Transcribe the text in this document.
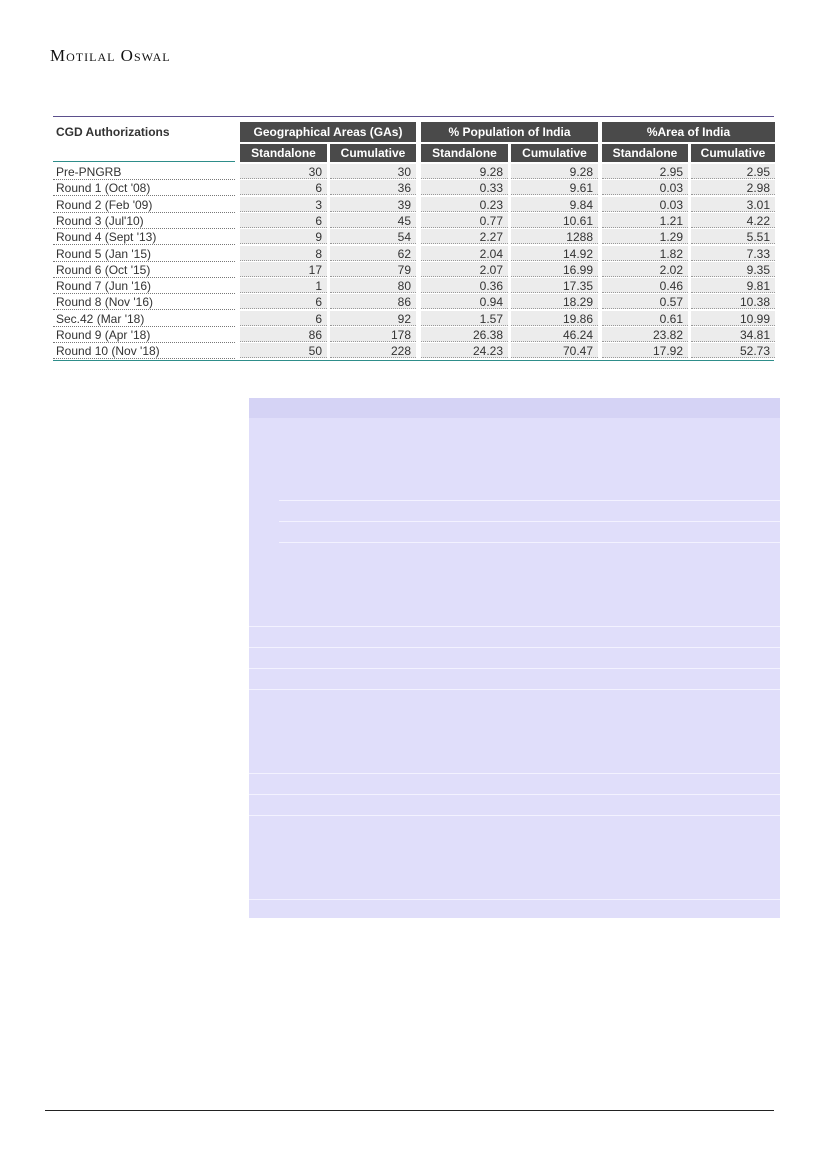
Motilal Oswal
CGD Authorizations	Geographical Areas (GAs)	% Population of India	%Area of India
Standalone	Cumulative	Standalone	Cumulative	Standalone	Cumulative
Pre-PNGRB	30	30	9.28	9.28	2.95	2.95
Round 1 (Oct '08)	6	36	0.33	9.61	0.03	2.98
Round 2 (Feb '09)	3	39	0.23	9.84	0.03	3.01
Round 3 (Jul'10)	6	45	0.77	10.61	1.21	4.22
Round 4 (Sept '13)	9	54	2.27	1288	1.29	5.51
Round 5 (Jan '15)	8	62	2.04	14.92	1.82	7.33
Round 6 (Oct '15)	17	79	2.07	16.99	2.02	9.35
Round 7 (Jun '16)	1	80	0.36	17.35	0.46	9.81
Round 8 (Nov '16)	6	86	0.94	18.29	0.57	10.38
Sec.42 (Mar '18)	6	92	1.57	19.86	0.61	10.99
Round 9 (Apr '18)	86	178	26.38	46.24	23.82	34.81
Round 10 (Nov '18)	50	228	24.23	70.47	17.92	52.73
